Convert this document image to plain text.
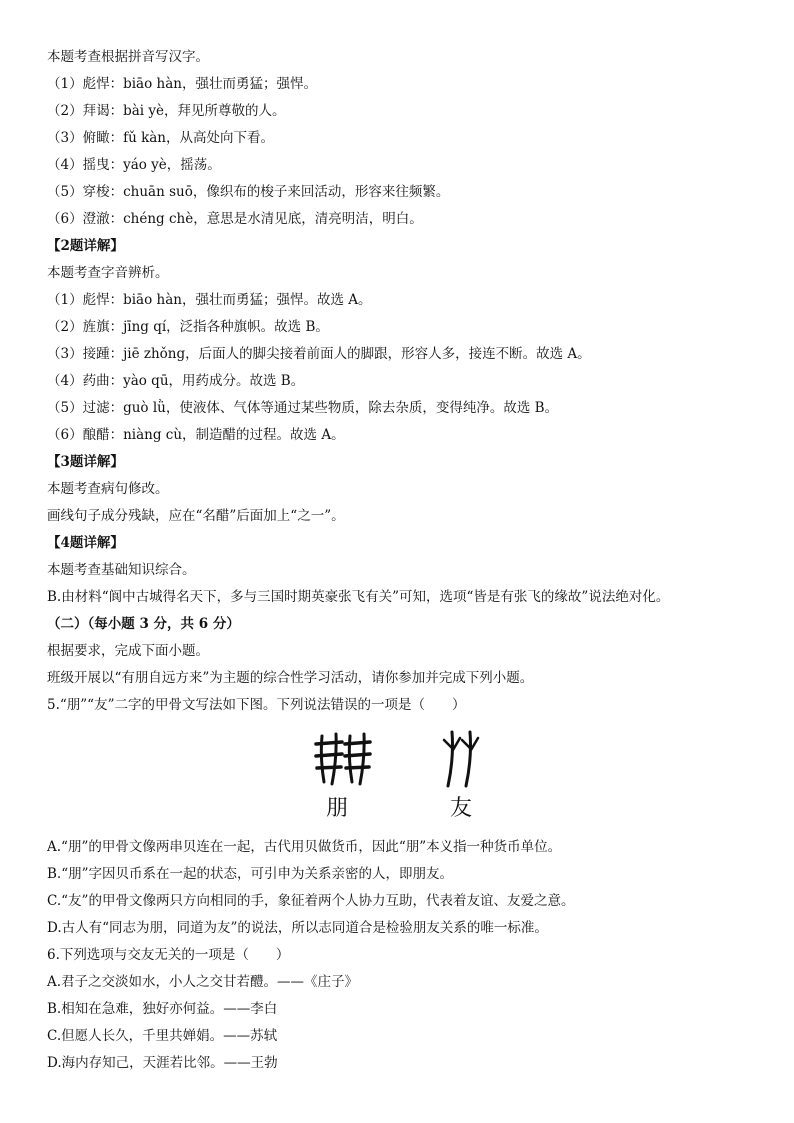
本题考查根据拼音写汉字。
（1）彪悍：biāo hàn，强壮而勇猛；强悍。
（2）拜谒：bài yè，拜见所尊敬的人。
（3）俯瞰：fǔ kàn，从高处向下看。
（4）摇曳：yáo yè，摇荡。
（5）穿梭：chuān suō，像织布的梭子来回活动，形容来往频繁。
（6）澄澈：chéng chè，意思是水清见底，清亮明洁，明白。
【2题详解】
本题考查字音辨析。
（1）彪悍：biāo hàn，强壮而勇猛；强悍。故选 A。
（2）旌旗：jīng qí，泛指各种旗帜。故选 B。
（3）接踵：jiē zhǒng，后面人的脚尖接着前面人的脚跟，形容人多，接连不断。故选 A。
（4）药曲：yào qū，用药成分。故选 B。
（5）过滤：guò lǜ，使液体、气体等通过某些物质，除去杂质，变得纯净。故选 B。
（6）酿醋：niàng cù，制造醋的过程。故选 A。
【3题详解】
本题考查病句修改。
画线句子成分残缺，应在“名醋”后面加上“之一”。
【4题详解】
本题考查基础知识综合。
B.由材料“阆中古城得名天下，多与三国时期英豪张飞有关”可知，选项“皆是有张飞的缘故”说法绝对化。
（二）（每小题 3 分，共 6 分）
根据要求，完成下面小题。
班级开展以“有朋自远方来”为主题的综合性学习活动，请你参加并完成下列小题。
5.“朋”“友”二字的甲骨文写法如下图。下列说法错误的一项是（　　）
朋	友
A.“朋”的甲骨文像两串贝连在一起，古代用贝做货币，因此“朋”本义指一种货币单位。
B.“朋”字因贝币系在一起的状态，可引申为关系亲密的人，即朋友。
C.“友”的甲骨文像两只方向相同的手，象征着两个人协力互助，代表着友谊、友爱之意。
D.古人有“同志为朋，同道为友”的说法，所以志同道合是检验朋友关系的唯一标准。
6.下列选项与交友无关的一项是（　　）
A.君子之交淡如水，小人之交甘若醴。——《庄子》
B.相知在急难，独好亦何益。——李白
C.但愿人长久，千里共婵娟。——苏轼
D.海内存知己，天涯若比邻。——王勃
